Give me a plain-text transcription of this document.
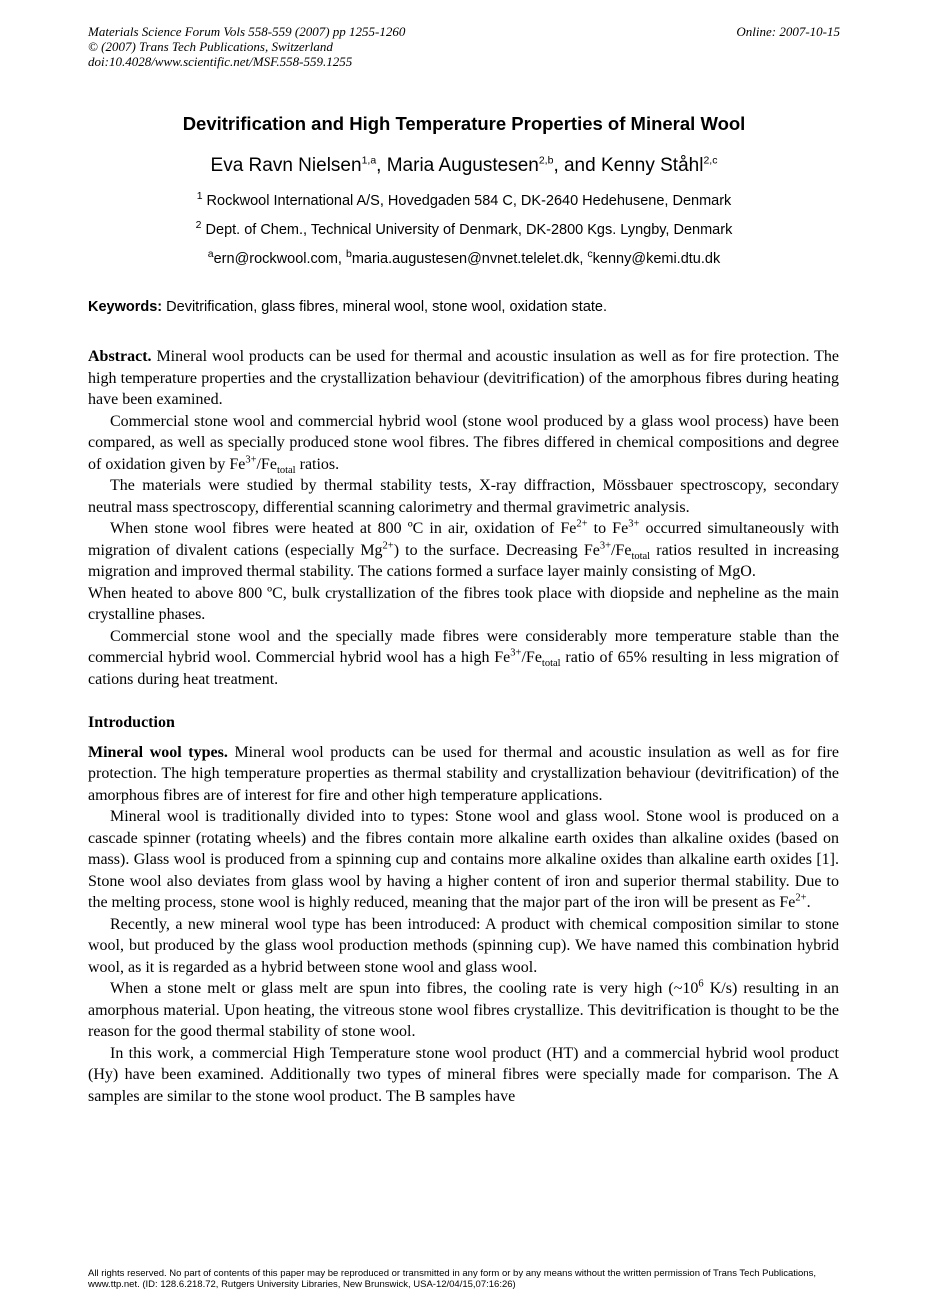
Materials Science Forum Vols 558-559 (2007) pp 1255-1260
© (2007) Trans Tech Publications, Switzerland
doi:10.4028/www.scientific.net/MSF.558-559.1255
Online: 2007-10-15
Devitrification and High Temperature Properties of Mineral Wool
Eva Ravn Nielsen$^{1,a}$, Maria Augustesen$^{2,b}$, and Kenny Ståhl$^{2,c}$
$^1$ Rockwool International A/S, Hovedgaden 584 C, DK-2640 Hedehusene, Denmark
$^2$ Dept. of Chem., Technical University of Denmark, DK-2800 Kgs. Lyngby, Denmark
$^a$ern@rockwool.com, $^b$maria.augustesen@nvnet.telelet.dk, $^c$kenny@kemi.dtu.dk
Keywords: Devitrification, glass fibres, mineral wool, stone wool, oxidation state.

Abstract. Mineral wool products can be used for thermal and acoustic insulation as well as for fire protection. The high temperature properties and the crystallization behaviour (devitrification) of the amorphous fibres during heating have been examined.

Commercial stone wool and commercial hybrid wool (stone wool produced by a glass wool process) have been compared, as well as specially produced stone wool fibres. The fibres differed in chemical compositions and degree of oxidation given by $Fe^{3+}/Fe_{total}$ ratios.

The materials were studied by thermal stability tests, X-ray diffraction, Mössbauer spectroscopy, secondary neutral mass spectroscopy, differential scanning calorimetry and thermal gravimetric analysis.

When stone wool fibres were heated at 800 ºC in air, oxidation of $Fe^{2+}$ to $Fe^{3+}$ occurred simultaneously with migration of divalent cations (especially $Mg^{2+}$) to the surface. Decreasing $Fe^{3+}/Fe_{total}$ ratios resulted in increasing migration and improved thermal stability. The cations formed a surface layer mainly consisting of MgO.

When heated to above 800 ºC, bulk crystallization of the fibres took place with diopside and nepheline as the main crystalline phases.

Commercial stone wool and the specially made fibres were considerably more temperature stable than the commercial hybrid wool. Commercial hybrid wool has a high $Fe^{3+}/Fe_{total}$ ratio of 65% resulting in less migration of cations during heat treatment.

Introduction

Mineral wool types. Mineral wool products can be used for thermal and acoustic insulation as well as for fire protection. The high temperature properties as thermal stability and crystallization behaviour (devitrification) of the amorphous fibres are of interest for fire and other high temperature applications.

Mineral wool is traditionally divided into to types: Stone wool and glass wool. Stone wool is produced on a cascade spinner (rotating wheels) and the fibres contain more alkaline earth oxides than alkaline oxides (based on mass). Glass wool is produced from a spinning cup and contains more alkaline oxides than alkaline earth oxides [1]. Stone wool also deviates from glass wool by having a higher content of iron and superior thermal stability. Due to the melting process, stone wool is highly reduced, meaning that the major part of the iron will be present as $Fe^{2+}$.

Recently, a new mineral wool type has been introduced: A product with chemical composition similar to stone wool, but produced by the glass wool production methods (spinning cup). We have named this combination hybrid wool, as it is regarded as a hybrid between stone wool and glass wool.

When a stone melt or glass melt are spun into fibres, the cooling rate is very high ($\sim 10^6$ K/s) resulting in an amorphous material. Upon heating, the vitreous stone wool fibres crystallize. This devitrification is thought to be the reason for the good thermal stability of stone wool.

In this work, a commercial High Temperature stone wool product (HT) and a commercial hybrid wool product (Hy) have been examined. Additionally two types of mineral fibres were specially made for comparison. The A samples are similar to the stone wool product. The B samples have

All rights reserved. No part of contents of this paper may be reproduced or transmitted in any form or by any means without the written permission of Trans Tech Publications, www.ttp.net. (ID: 128.6.218.72, Rutgers University Libraries, New Brunswick, USA-12/04/15,07:16:26)
